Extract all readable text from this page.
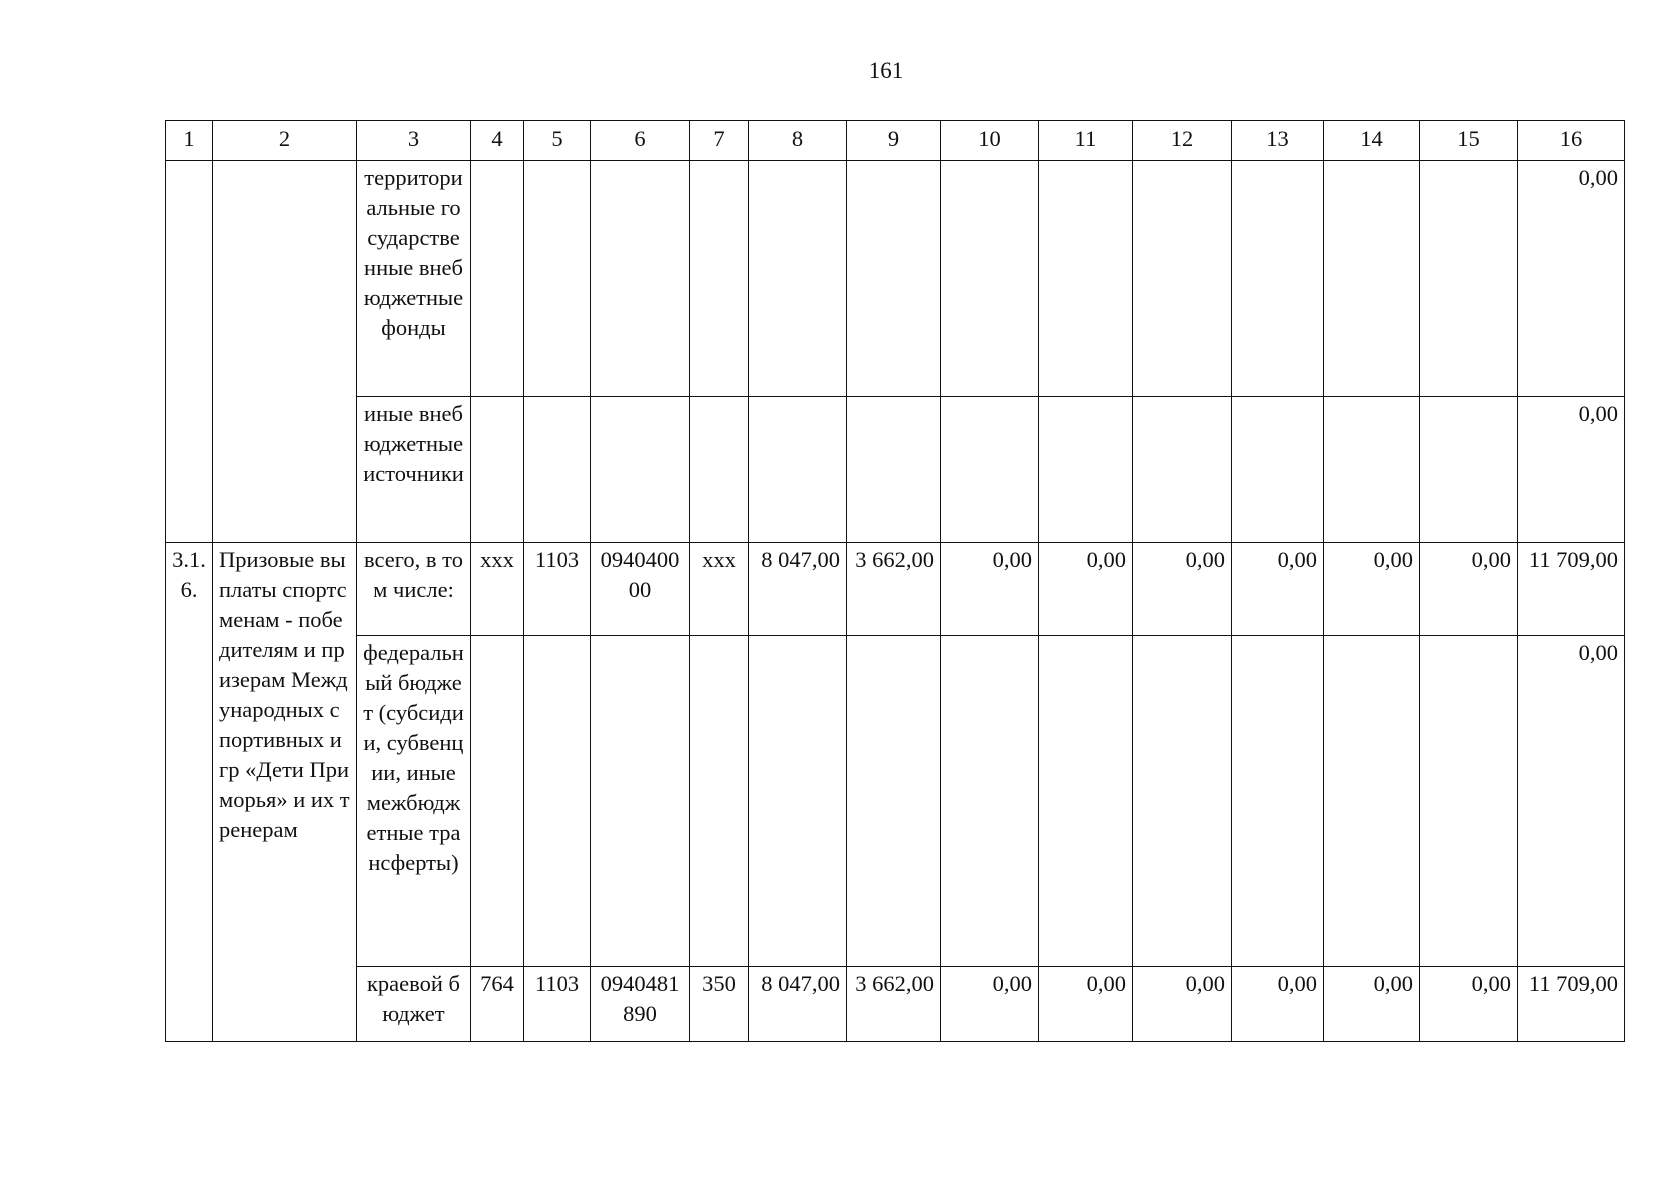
161
1	2	3	4	5	6	7	8	9	10	11	12	13	14	15	16
		территориальные государственные внебюджетные фонды													0,00
		иные внебюджетные источники													0,00
3.1.6.	Призовые выплаты спортсменам - победителям и призерам Международных спортивных игр «Дети Приморья» и их тренерам	всего, в том числе:	ххх	1103	094040000	ххх	8 047,00	3 662,00	0,00	0,00	0,00	0,00	0,00	0,00	11 709,00
		федеральный бюджет (субсидии, субвенции, иные межбюджетные трансферты)													0,00
		краевой бюджет	764	1103	0940481890	350	8 047,00	3 662,00	0,00	0,00	0,00	0,00	0,00	0,00	11 709,00
